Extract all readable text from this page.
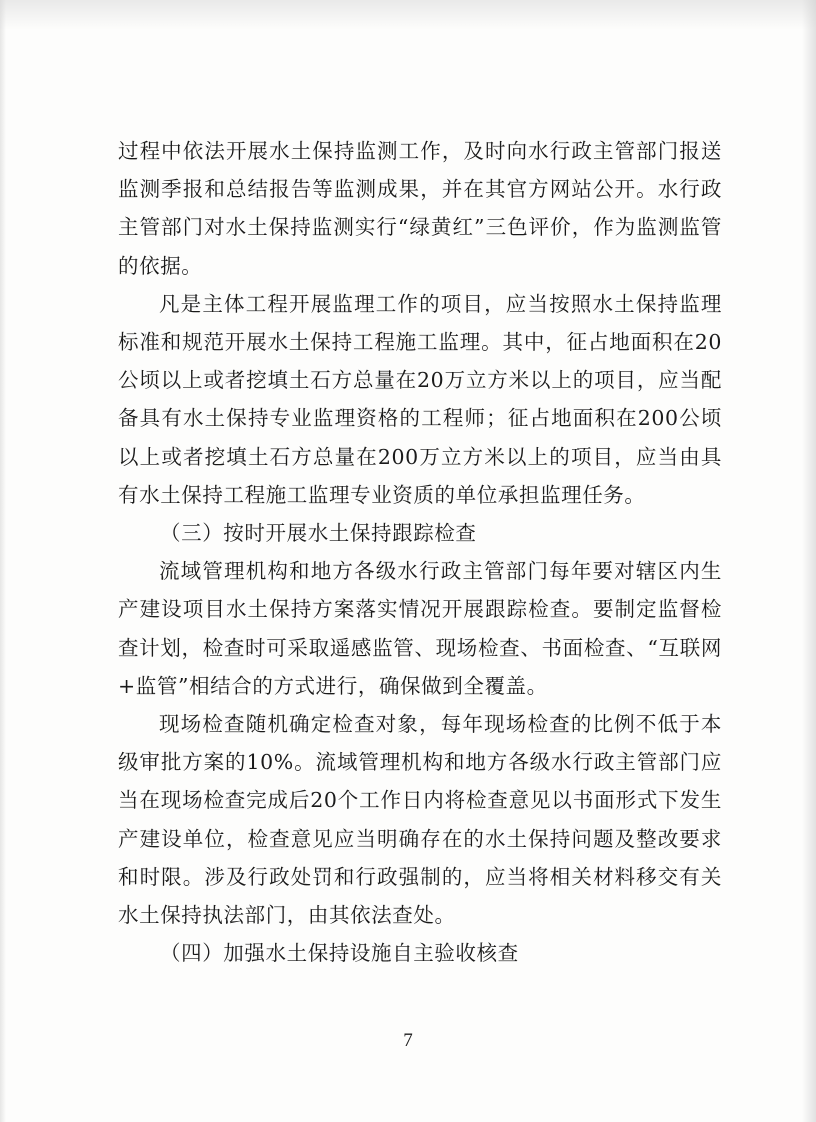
过程中依法开展水土保持监测工作，及时向水行政主管部门报送监测季报和总结报告等监测成果，并在其官方网站公开。水行政主管部门对水土保持监测实行“绿黄红”三色评价，作为监测监管的依据。

凡是主体工程开展监理工作的项目，应当按照水土保持监理标准和规范开展水土保持工程施工监理。其中，征占地面积在20公顷以上或者挖填土石方总量在20万立方米以上的项目，应当配备具有水土保持专业监理资格的工程师；征占地面积在200公顷以上或者挖填土石方总量在200万立方米以上的项目，应当由具有水土保持工程施工监理专业资质的单位承担监理任务。

（三）按时开展水土保持跟踪检查

流域管理机构和地方各级水行政主管部门每年要对辖区内生产建设项目水土保持方案落实情况开展跟踪检查。要制定监督检查计划，检查时可采取遥感监管、现场检查、书面检查、“互联网+监管”相结合的方式进行，确保做到全覆盖。

现场检查随机确定检查对象，每年现场检查的比例不低于本级审批方案的10%。流域管理机构和地方各级水行政主管部门应当在现场检查完成后20个工作日内将检查意见以书面形式下发生产建设单位，检查意见应当明确存在的水土保持问题及整改要求和时限。涉及行政处罚和行政强制的，应当将相关材料移交有关水土保持执法部门，由其依法查处。

（四）加强水土保持设施自主验收核查

7
